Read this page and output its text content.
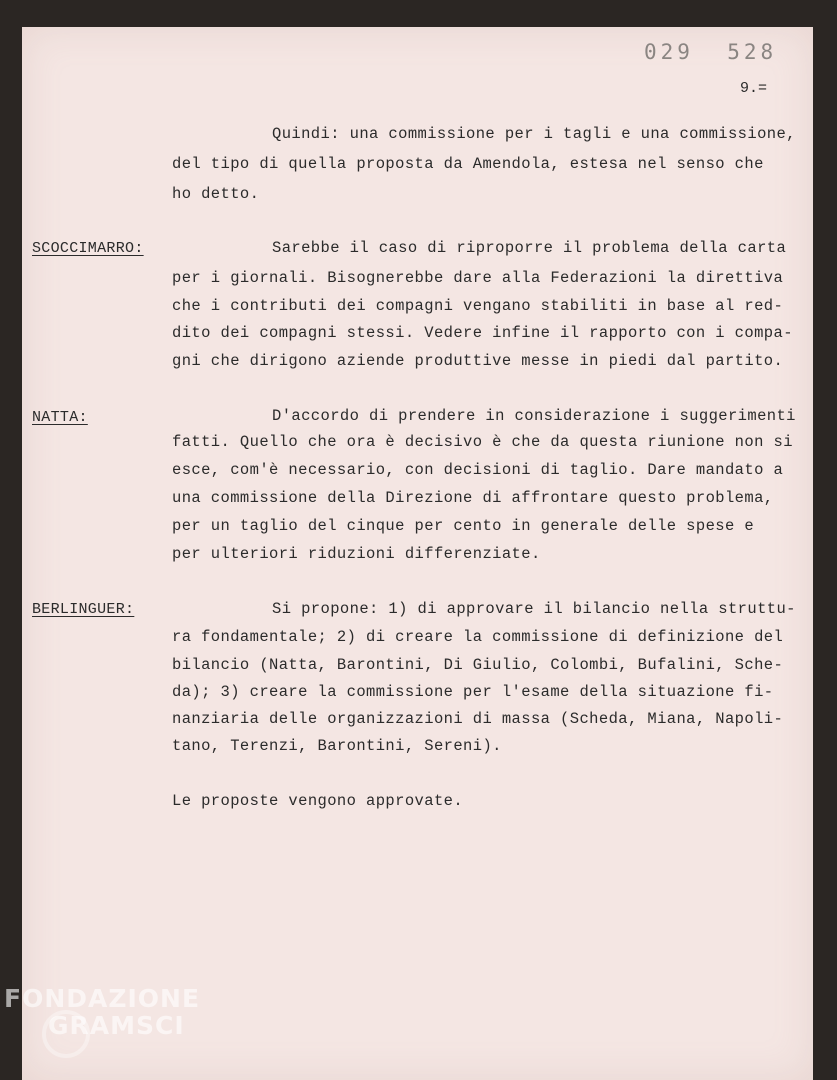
029  528
9.=
Quindi: una commissione per i tagli e una commissione,
del tipo di quella proposta da Amendola, estesa nel senso che
ho detto.
SCOCCIMARRO:	Sarebbe il caso di riproporre il problema della carta
per i giornali. Bisognerebbe dare alla Federazioni la direttiva
che i contributi dei compagni vengano stabiliti in base al red-
dito dei compagni stessi. Vedere infine il rapporto con i compa-
gni che dirigono aziende produttive messe in piedi dal partito.
NATTA:	D'accordo di prendere in considerazione i suggerimenti
fatti. Quello che ora è decisivo è che da questa riunione non si
esce, com'è necessario, con decisioni di taglio. Dare mandato a
una commissione della Direzione di affrontare questo problema,
per un taglio del cinque per cento in generale delle spese e
per ulteriori riduzioni differenziate.
BERLINGUER:	Si propone: 1) di approvare il bilancio nella struttu-
ra fondamentale; 2) di creare la commissione di definizione del
bilancio (Natta, Barontini, Di Giulio, Colombi, Bufalini, Sche-
da); 3) creare la commissione per l'esame della situazione fi-
nanziaria delle organizzazioni di massa (Scheda, Miana, Napoli-
tano, Terenzi, Barontini, Sereni).
Le proposte vengono approvate.
FONDAZIONE
GRAMSCI
